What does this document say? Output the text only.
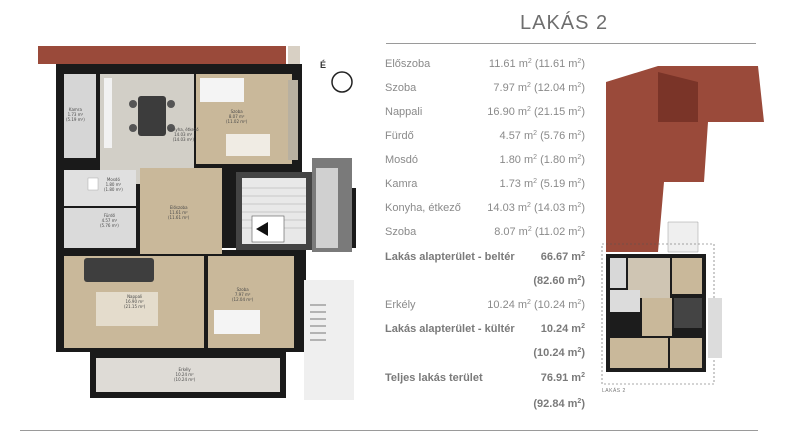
É
Kamra
1.73 m²
(5.19 m²)
Konyha, étkező
14.03 m²
(14.03 m²)
Szoba
8.07 m²
(11.02 m²)
Mosdó
1.80 m²
(1.80 m²)
Fürdő
4.57 m²
(5.76 m²)
Előszoba
11.61 m²
(11.61 m²)
Nappali
16.90 m²
(21.15 m²)
Szoba
7.97 m²
(12.04 m²)
Erkély
10.24 m²
(10.24 m²)
LAKÁS 2
Előszoba	11.61 $m^2$ (11.61 $m^2$)
Szoba	7.97 $m^2$ (12.04 $m^2$)
Nappali	16.90 $m^2$ (21.15 $m^2$)
Fürdő	4.57 $m^2$ (5.76 $m^2$)
Mosdó	1.80 $m^2$ (1.80 $m^2$)
Kamra	1.73 $m^2$ (5.19 $m^2$)
Konyha, étkező 14.03 $m^2$ (14.03 $m^2$)
Szoba	8.07 $m^2$ (11.02 $m^2$)
Lakás alapterület - beltér 66.67 $m^2$
(82.60 $m^2$)
Erkély	10.24 $m^2$ (10.24 $m^2$)
Lakás alapterület - kültér 10.24 $m^2$
(10.24 $m^2$)
Teljes lakás terület	76.91 $m^2$
(92.84 $m^2$)
LAKÁS 2
